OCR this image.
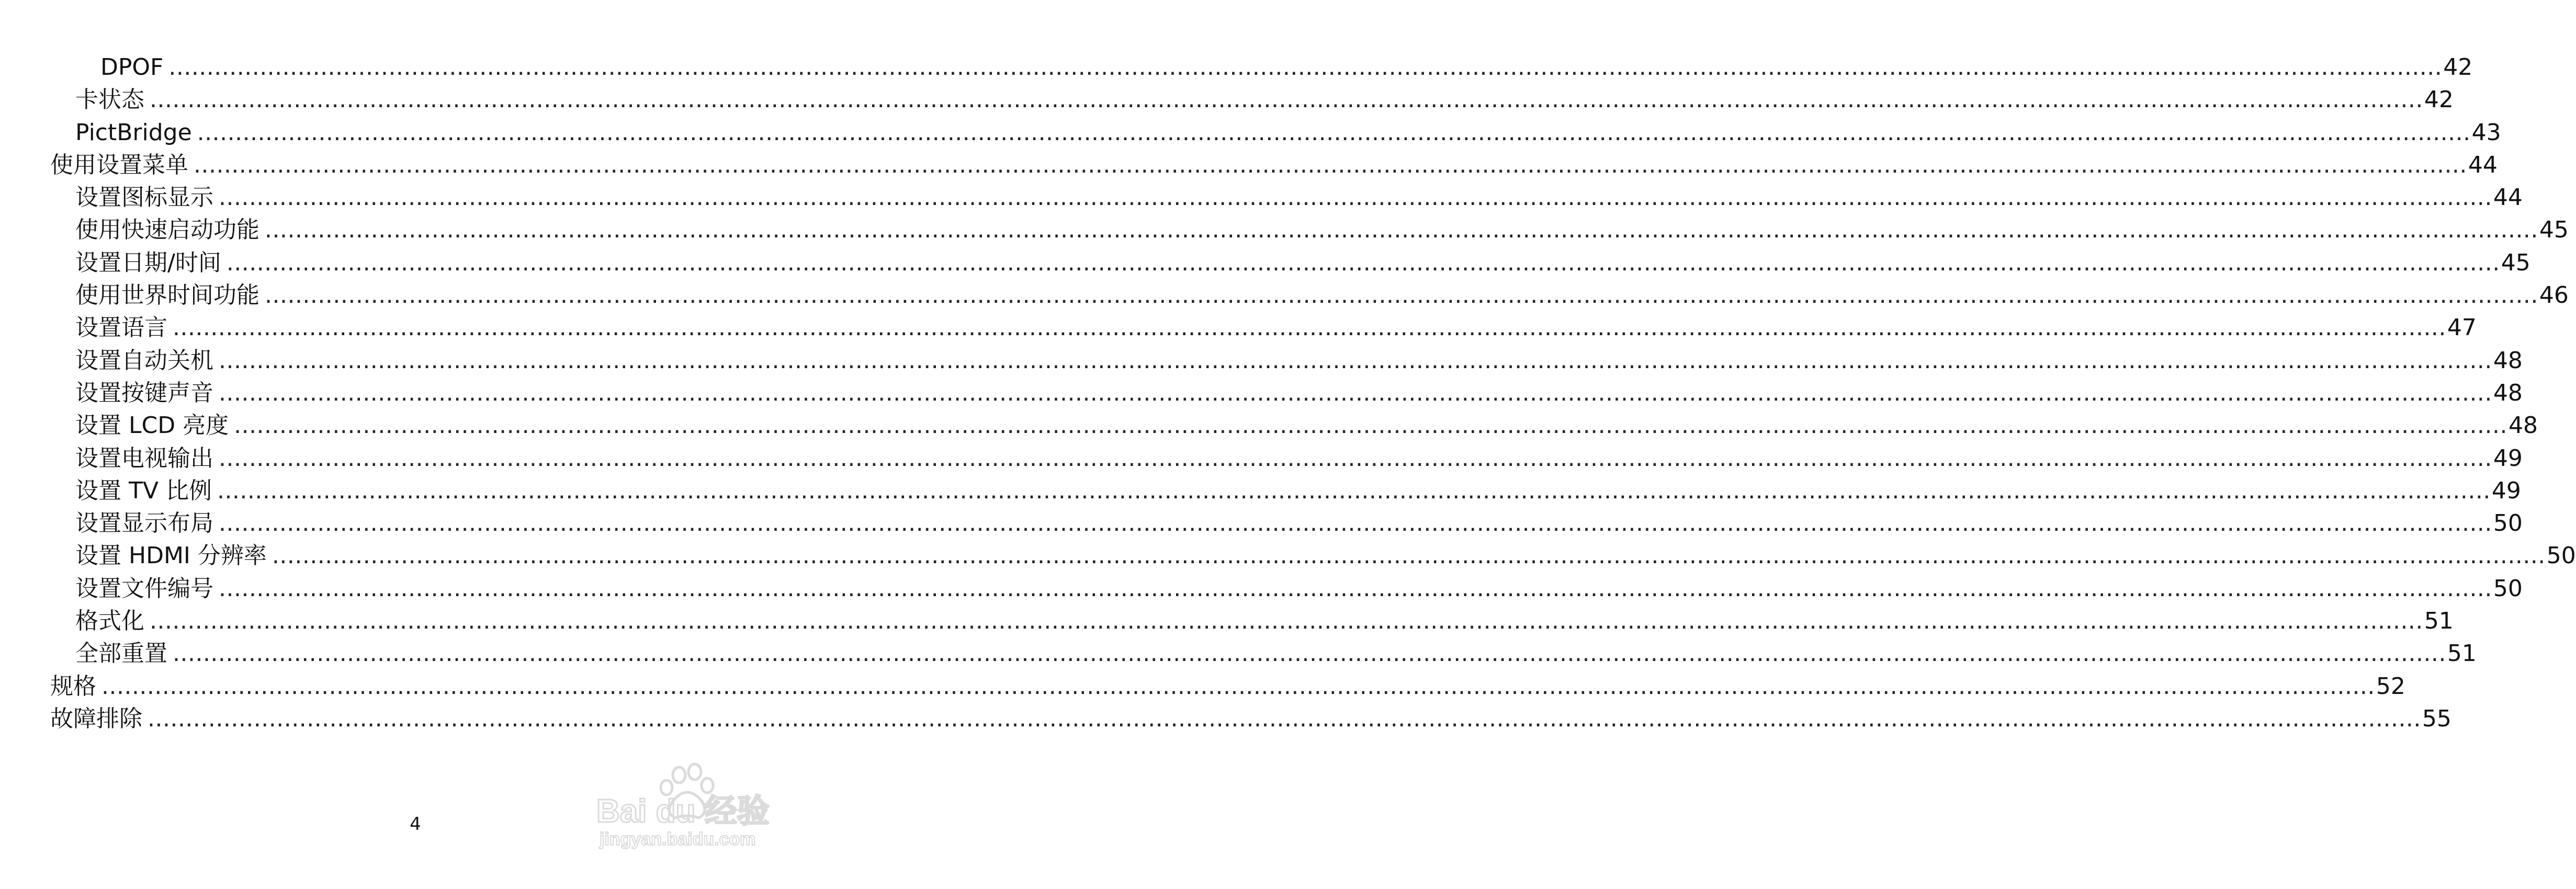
DPOF ............................................................................................................................................................................................................................................................................................................ 42
卡状态 ............................................................................................................................................................................................................................................................................................................ 42
PictBridge ............................................................................................................................................................................................................................................................................................................ 43
使用设置菜单 ............................................................................................................................................................................................................................................................................................................ 44
设置图标显示 ............................................................................................................................................................................................................................................................................................................ 44
使用快速启动功能 ............................................................................................................................................................................................................................................................................................................ 45
设置日期/时间 ............................................................................................................................................................................................................................................................................................................ 45
使用世界时间功能 ............................................................................................................................................................................................................................................................................................................ 46
设置语言 ............................................................................................................................................................................................................................................................................................................ 47
设置自动关机 ............................................................................................................................................................................................................................................................................................................ 48
设置按键声音 ............................................................................................................................................................................................................................................................................................................ 48
设置 LCD 亮度 ............................................................................................................................................................................................................................................................................................................ 48
设置电视输出 ............................................................................................................................................................................................................................................................................................................ 49
设置 TV 比例 ............................................................................................................................................................................................................................................................................................................ 49
设置显示布局 ............................................................................................................................................................................................................................................................................................................ 50
设置 HDMI 分辨率 ............................................................................................................................................................................................................................................................................................................ 50
设置文件编号 ............................................................................................................................................................................................................................................................................................................ 50
格式化 ............................................................................................................................................................................................................................................................................................................ 51
全部重置 ............................................................................................................................................................................................................................................................................................................ 51
规格 ............................................................................................................................................................................................................................................................................................................ 52
故障排除 ............................................................................................................................................................................................................................................................................................................ 55
4	Bai du 经验
jingyan.baidu.com
